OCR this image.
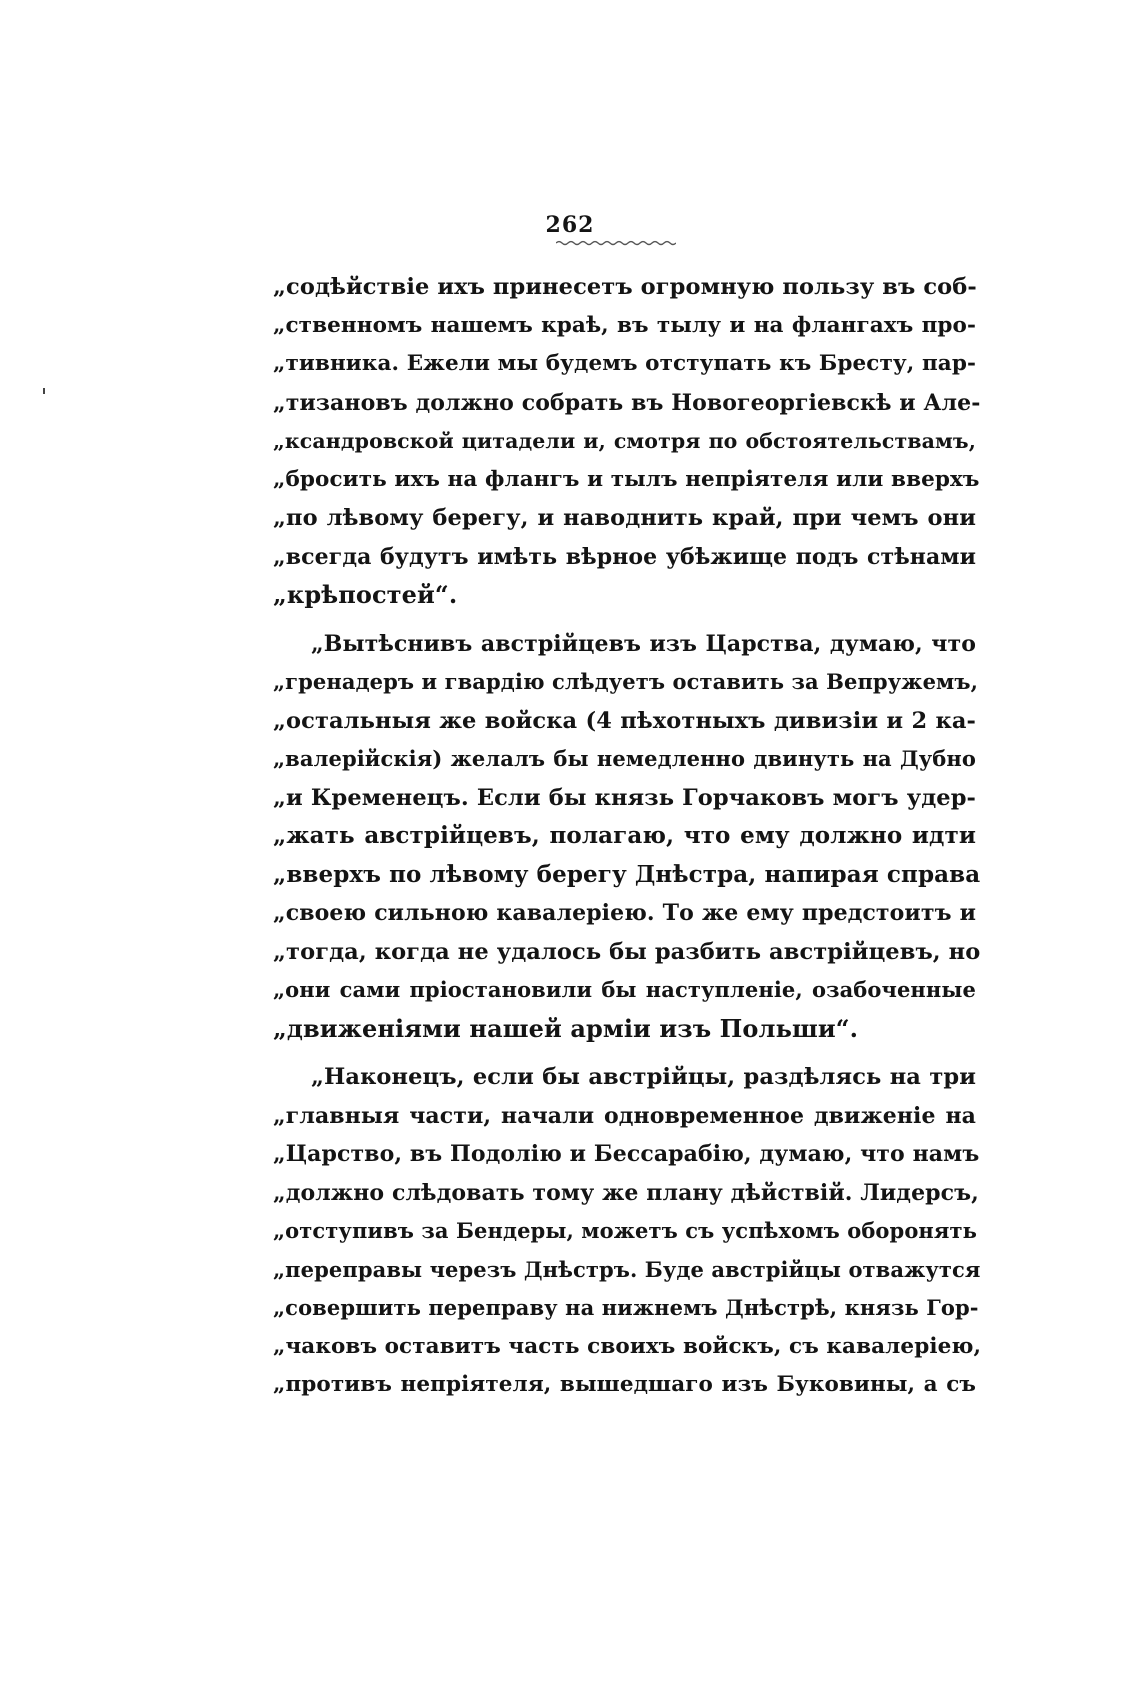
262
„содѣйствіе ихъ принесетъ огромную пользу въ соб-
„ственномъ нашемъ краѣ, въ тылу и на флангахъ про-
„тивника. Ежели мы будемъ отступать къ Бресту, пар-
„тизановъ должно собрать въ Новогеоргіевскѣ и Але-
„ксандровской цитадели и, смотря по обстоятельствамъ,
„бросить ихъ на флангъ и тылъ непріятеля или вверхъ
„по лѣвому берегу, и наводнить край, при чемъ они
„всегда будутъ имѣть вѣрное убѣжище подъ стѣнами
„крѣпостей“.
„Вытѣснивъ австрійцевъ изъ Царства, думаю, что
„гренадеръ и гвардію слѣдуетъ оставить за Вепружемъ,
„остальныя же войска (4 пѣхотныхъ дивизіи и 2 ка-
„валерійскія) желалъ бы немедленно двинуть на Дубно
„и Кременецъ. Если бы князь Горчаковъ могъ удер-
„жать австрійцевъ, полагаю, что ему должно идти
„вверхъ по лѣвому берегу Днѣстра, напирая справа
„своею сильною кавалеріею. То же ему предстоитъ и
„тогда, когда не удалось бы разбить австрійцевъ, но
„они сами пріостановили бы наступленіе, озабоченные
„движеніями нашей арміи изъ Польши“.
„Наконецъ, если бы австрійцы, раздѣлясь на три
„главныя части, начали одновременное движеніе на
„Царство, въ Подолію и Бессарабію, думаю, что намъ
„должно слѣдовать тому же плану дѣйствій. Лидерсъ,
„отступивъ за Бендеры, можетъ съ успѣхомъ оборонять
„переправы черезъ Днѣстръ. Буде австрійцы отважутся
„совершить переправу на нижнемъ Днѣстрѣ, князь Гор-
„чаковъ оставитъ часть своихъ войскъ, съ кавалеріею,
„противъ непріятеля, вышедшаго изъ Буковины, а съ
